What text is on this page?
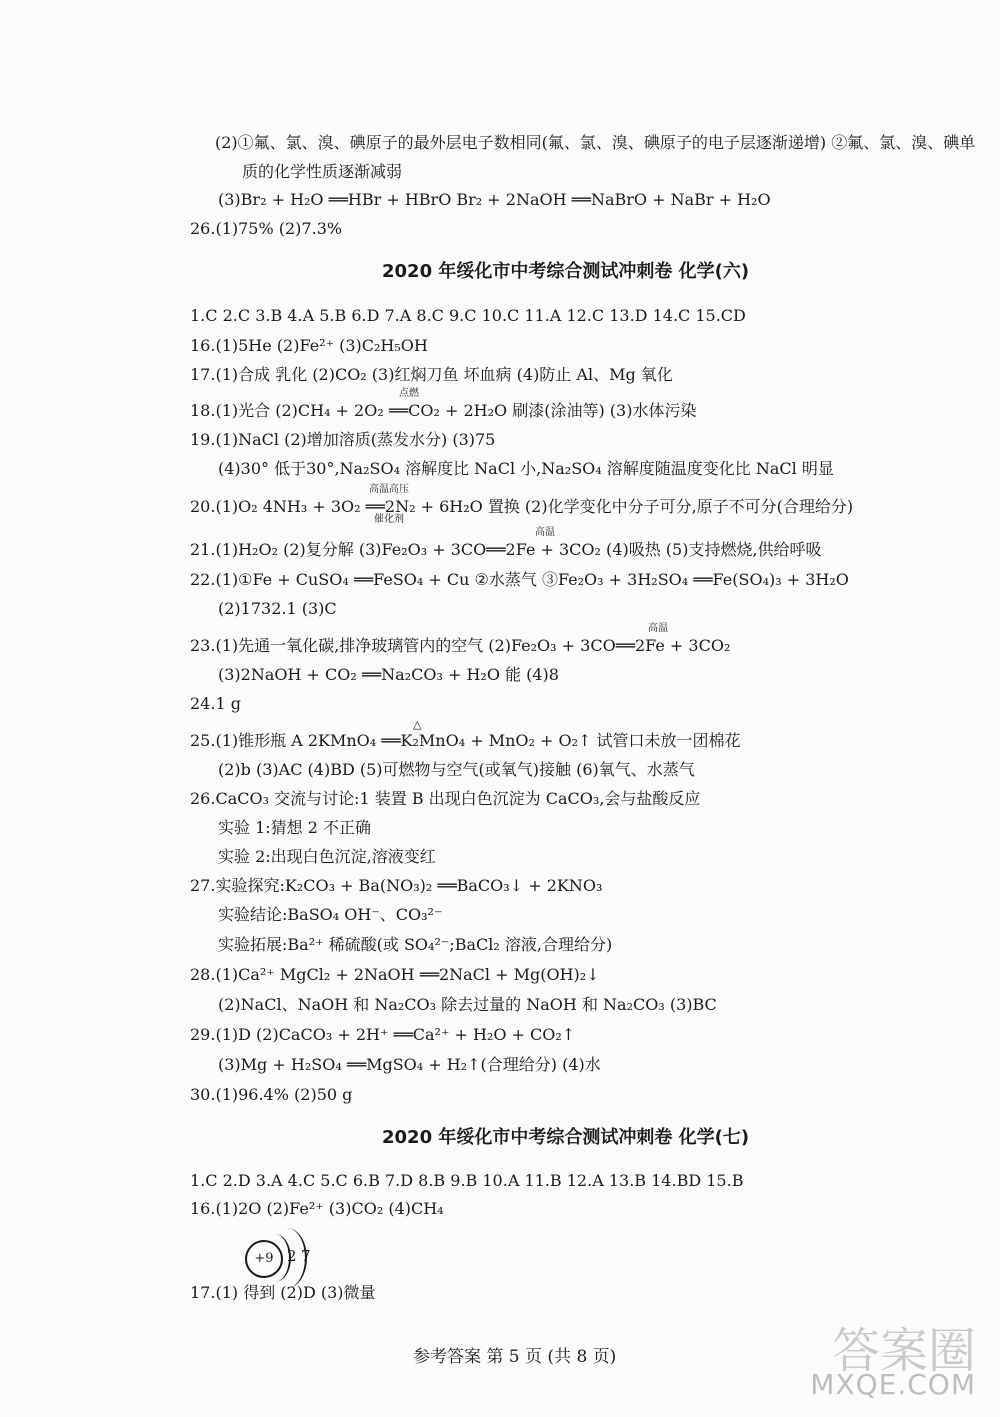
(2)①氟、氯、溴、碘原子的最外层电子数相同(氟、氯、溴、碘原子的电子层逐渐递增) ②氟、氯、溴、碘单
质的化学性质逐渐减弱
(3)Br₂ + H₂O ══HBr + HBrO Br₂ + 2NaOH ══NaBrO + NaBr + H₂O
26.(1)75% (2)7.3%
2020 年绥化市中考综合测试冲刺卷 化学(六)
1.C 2.C 3.B 4.A 5.B 6.D 7.A 8.C 9.C 10.C 11.A 12.C 13.D 14.C 15.CD
16.(1)5He (2)Fe²⁺ (3)C₂H₅OH
17.(1)合成 乳化 (2)CO₂ (3)红焖刀鱼 坏血病 (4)防止 Al、Mg 氧化
18.(1)光合 (2)CH₄ + 2O₂ ══CO₂ + 2H₂O 刷漆(涂油等) (3)水体污染
19.(1)NaCl (2)增加溶质(蒸发水分) (3)75
(4)30° 低于30°,Na₂SO₄ 溶解度比 NaCl 小,Na₂SO₄ 溶解度随温度变化比 NaCl 明显
20.(1)O₂ 4NH₃ + 3O₂ ══2N₂ + 6H₂O 置换 (2)化学变化中分子可分,原子不可分(合理给分)
21.(1)H₂O₂ (2)复分解 (3)Fe₂O₃ + 3CO══2Fe + 3CO₂ (4)吸热 (5)支持燃烧,供给呼吸
22.(1)①Fe + CuSO₄ ══FeSO₄ + Cu ②水蒸气 ③Fe₂O₃ + 3H₂SO₄ ══Fe(SO₄)₃ + 3H₂O
(2)1732.1 (3)C
23.(1)先通一氧化碳,排净玻璃管内的空气 (2)Fe₂O₃ + 3CO══2Fe + 3CO₂
(3)2NaOH + CO₂ ══Na₂CO₃ + H₂O 能 (4)8
24.1 g
25.(1)锥形瓶 A 2KMnO₄ ══K₂MnO₄ + MnO₂ + O₂↑ 试管口未放一团棉花
(2)b (3)AC (4)BD (5)可燃物与空气(或氧气)接触 (6)氧气、水蒸气
26.CaCO₃ 交流与讨论:1 装置 B 出现白色沉淀为 CaCO₃,会与盐酸反应
实验 1:猜想 2 不正确
实验 2:出现白色沉淀,溶液变红
27.实验探究:K₂CO₃ + Ba(NO₃)₂ ══BaCO₃↓ + 2KNO₃
实验结论:BaSO₄ OH⁻、CO₃²⁻
实验拓展:Ba²⁺ 稀硫酸(或 SO₄²⁻;BaCl₂ 溶液,合理给分)
28.(1)Ca²⁺ MgCl₂ + 2NaOH ══2NaCl + Mg(OH)₂↓
(2)NaCl、NaOH 和 Na₂CO₃ 除去过量的 NaOH 和 Na₂CO₃ (3)BC
29.(1)D (2)CaCO₃ + 2H⁺ ══Ca²⁺ + H₂O + CO₂↑
(3)Mg + H₂SO₄ ══MgSO₄ + H₂↑(合理给分) (4)水
30.(1)96.4% (2)50 g
2020 年绥化市中考综合测试冲刺卷 化学(七)
1.C 2.D 3.A 4.C 5.C 6.B 7.D 8.B 9.B 10.A 11.B 12.A 13.B 14.BD 15.B
16.(1)2O (2)Fe²⁺ (3)CO₂ (4)CH₄
点燃
高温高压
催化剂
高温
高温
△
+9 2 7
17.(1) 得到 (2)D (3)微量
参考答案 第 5 页 (共 8 页)	答案圈
MXQE.COM
